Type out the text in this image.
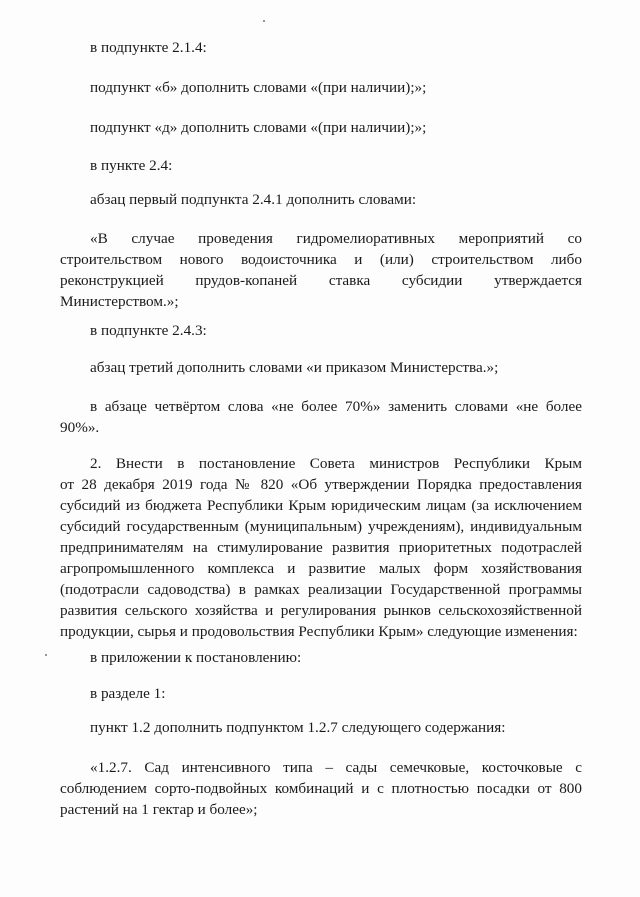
в подпункте 2.1.4:
подпункт «б» дополнить словами «(при наличии);»;
подпункт «д» дополнить словами «(при наличии);»;
в пункте 2.4:
абзац первый подпункта 2.4.1 дополнить словами:
«В случае проведения гидромелиоративных мероприятий со
строительством нового водоисточника и (или) строительством либо
реконструкцией прудов-копаней ставка субсидии утверждается
Министерством.»;
в подпункте 2.4.3:
абзац третий дополнить словами «и приказом Министерства.»;
в абзаце четвёртом слова «не более 70%» заменить словами «не более
90%».
2. Внести в постановление Совета министров Республики Крым
от 28 декабря 2019 года № 820 «Об утверждении Порядка предоставления
субсидий из бюджета Республики Крым юридическим лицам (за исключением
субсидий государственным (муниципальным) учреждениям), индивидуальным
предпринимателям на стимулирование развития приоритетных подотраслей
агропромышленного комплекса и развитие малых форм хозяйствования
(подотрасли садоводства) в рамках реализации Государственной программы
развития сельского хозяйства и регулирования рынков сельскохозяйственной
продукции, сырья и продовольствия Республики Крым» следующие изменения:
в приложении к постановлению:
в разделе 1:
пункт 1.2 дополнить подпунктом 1.2.7 следующего содержания:
«1.2.7. Сад интенсивного типа – сады семечковые, косточковые с
соблюдением сорто-подвойных комбинаций и с плотностью посадки от 800
растений на 1 гектар и более»;
